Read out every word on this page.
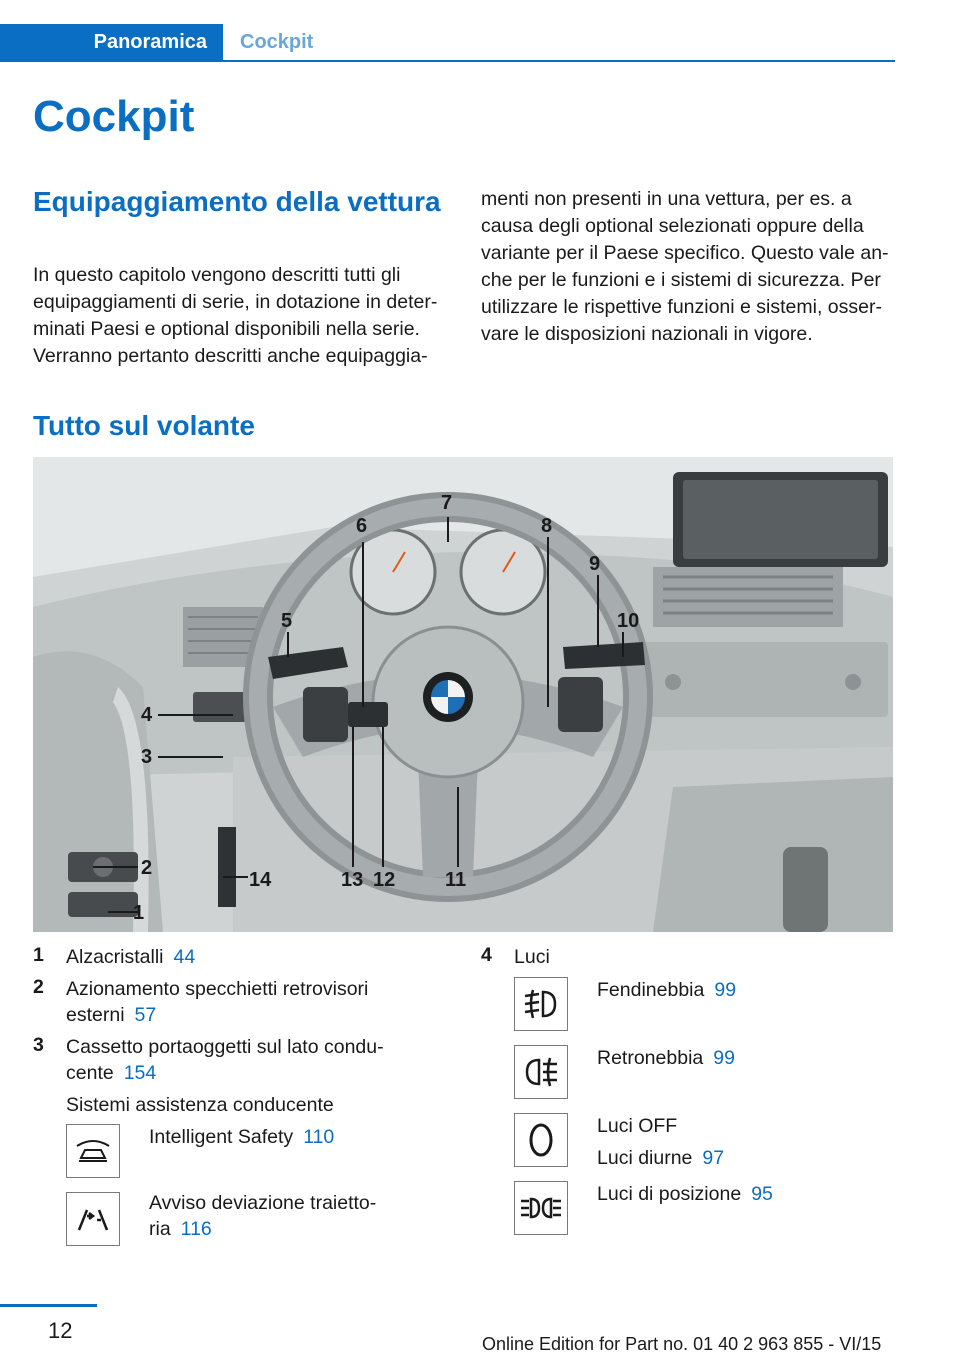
Panoramica	Cockpit
Cockpit
Equipaggiamento della vettura

In questo capitolo vengono descritti tutti gli equipaggiamenti di serie, in dotazione in deter-minati Paesi e optional disponibili nella serie. Verranno pertanto descritti anche equipaggia-

menti non presenti in una vettura, per es. a causa degli optional selezionati oppure della variante per il Paese specifico. Questo vale an-che per le funzioni e i sistemi di sicurezza. Per utilizzare le rispettive funzioni e sistemi, osser-vare le disposizioni nazionali in vigore.

Tutto sul volante
1
2
3
4
5
6
7
8
9
10
11
12
13
14
1 Alzacristalli 44
2 Azionamento specchietti retrovisori
esterni 57
3 Cassetto portaoggetti sul lato condu-
cente 154
Sistemi assistenza conducente
Intelligent Safety 110
Avviso deviazione traietto-
ria 116
4 Luci
Fendinebbia 99
Retronebbia 99
Luci OFF
Luci diurne 97
Luci di posizione 95
12
Online Edition for Part no. 01 40 2 963 855 - VI/15
